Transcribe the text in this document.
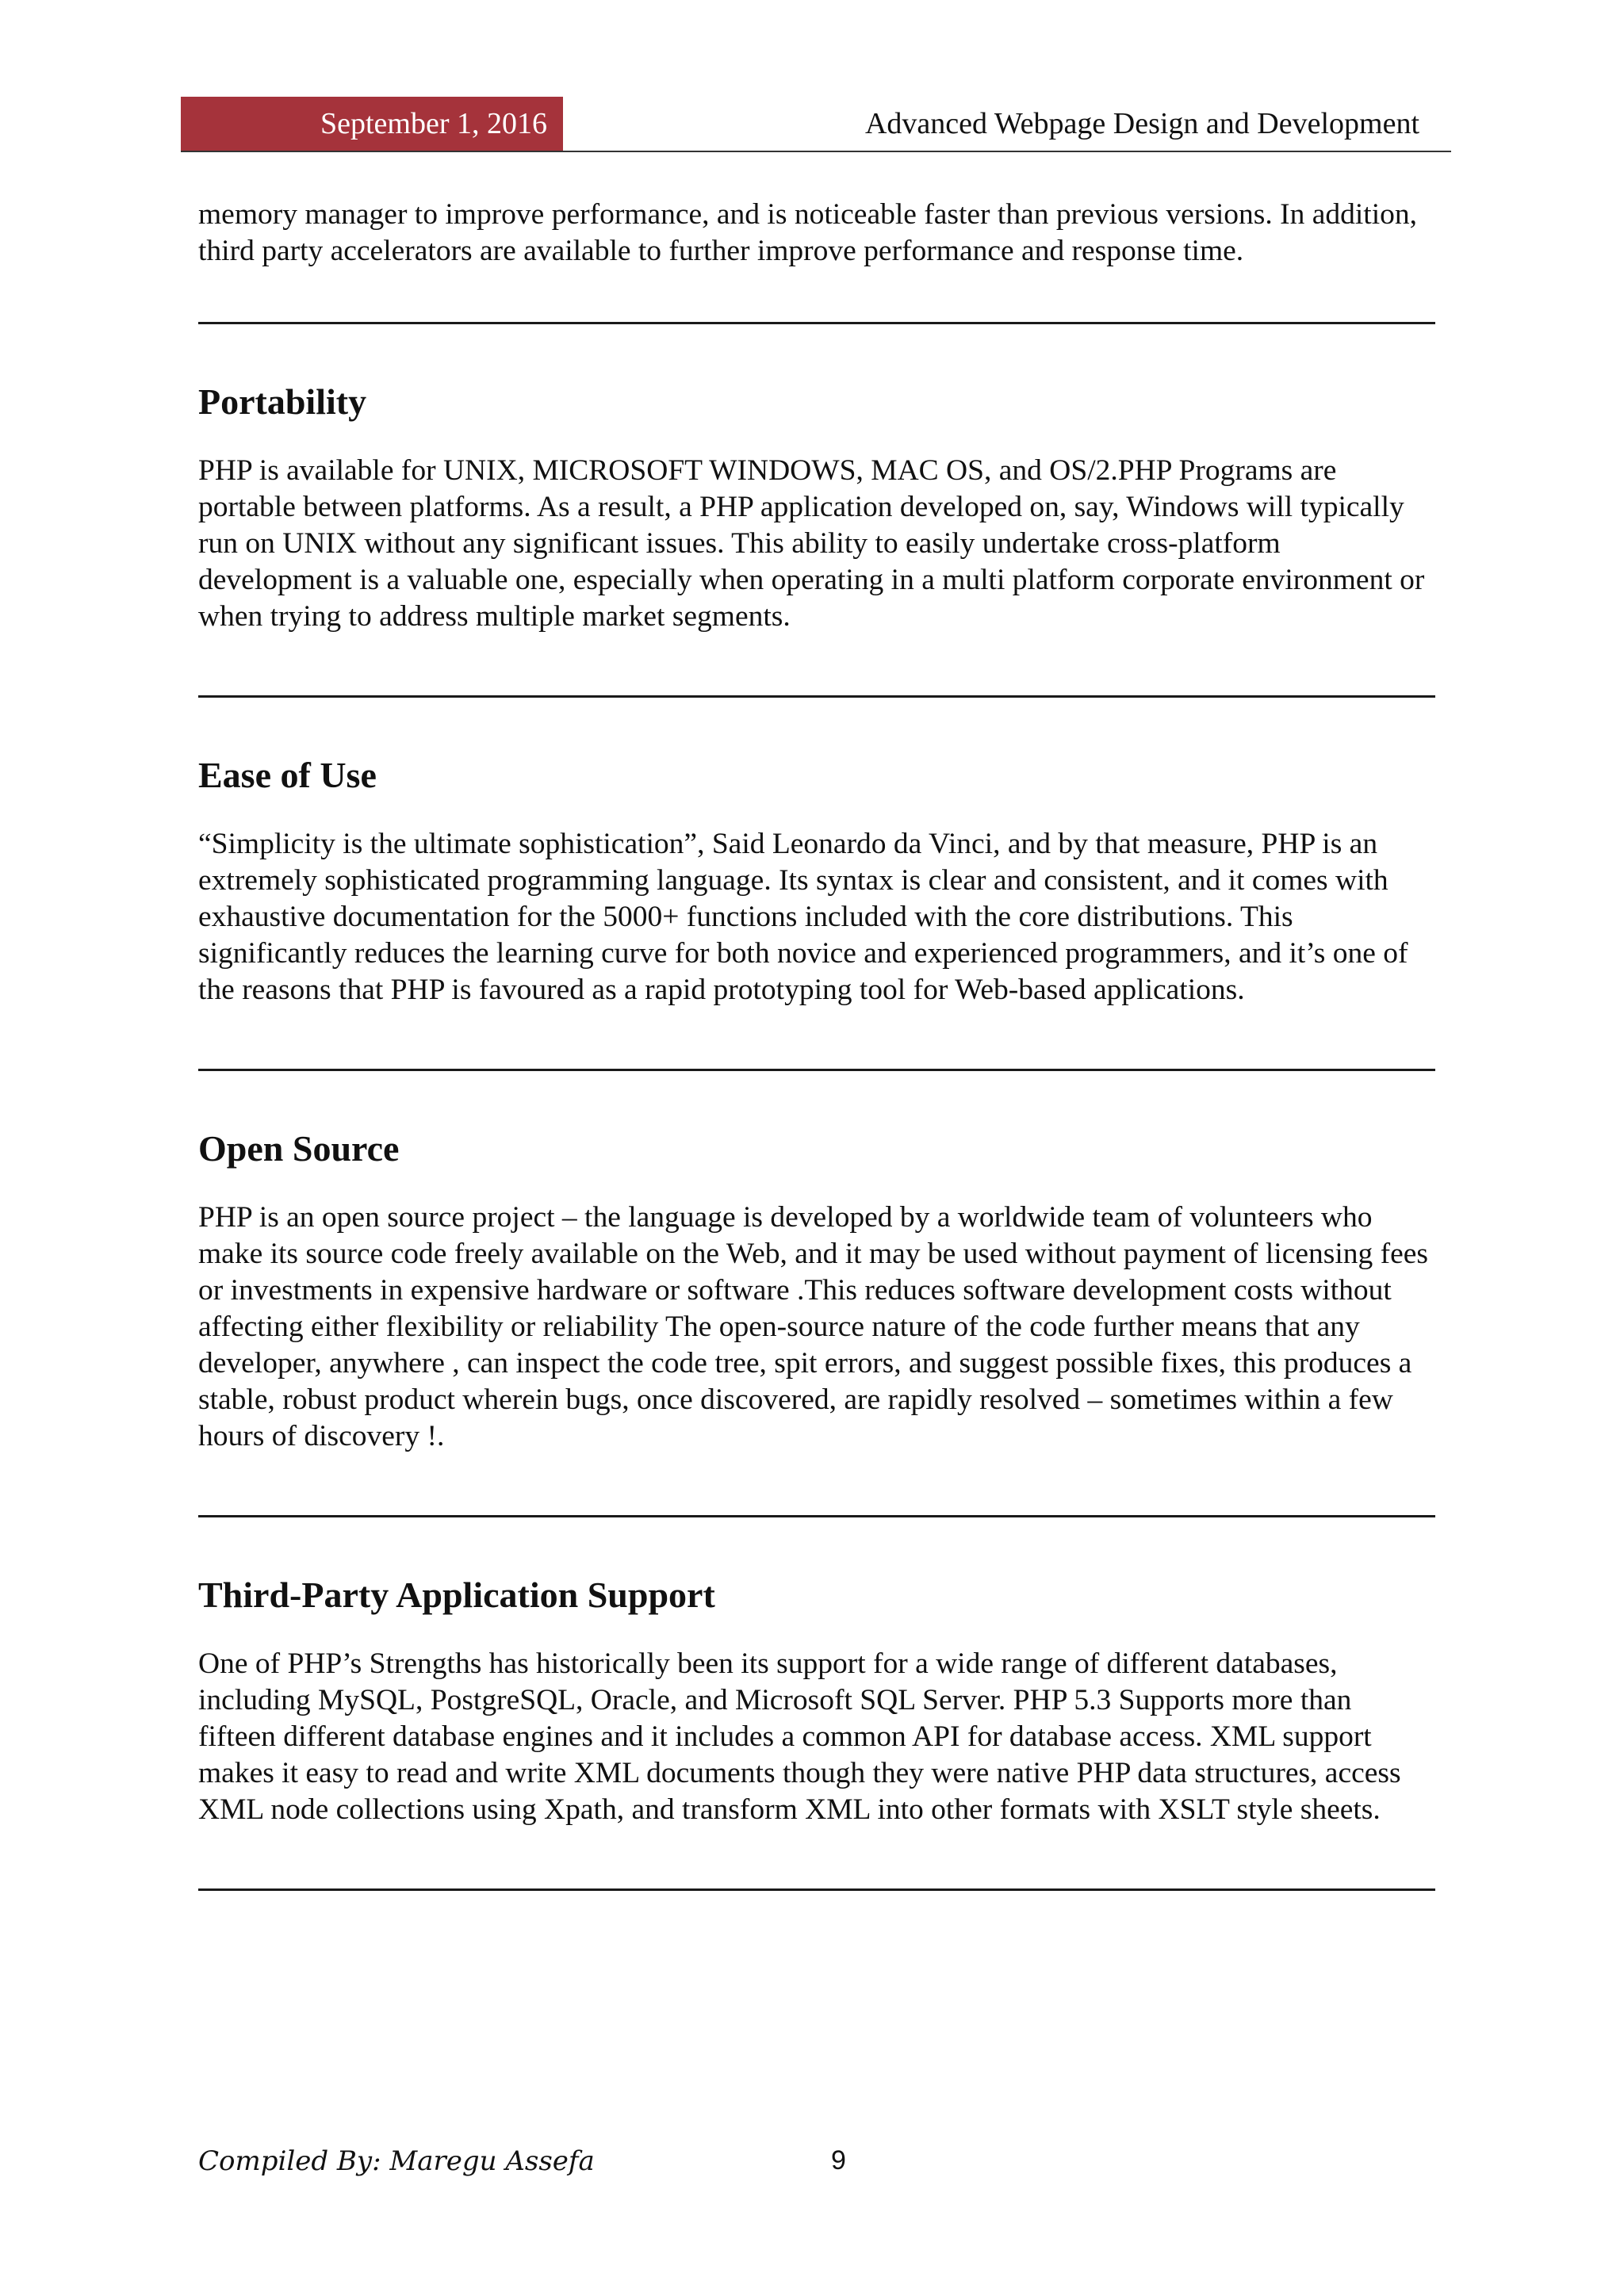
September 1, 2016	Advanced Webpage Design and Development

memory manager to improve performance, and is noticeable faster than previous versions. In addition, third party accelerators are available to further improve performance and response time.

Portability

PHP is available for UNIX, MICROSOFT WINDOWS, MAC OS, and OS/2.PHP Programs are portable between platforms. As a result, a PHP application developed on, say, Windows will typically run on UNIX without any significant issues. This ability to easily undertake cross-platform development is a valuable one, especially when operating in a multi platform corporate environment or when trying to address multiple market segments.

Ease of Use

“Simplicity is the ultimate sophistication”, Said Leonardo da Vinci, and by that measure, PHP is an extremely sophisticated programming language. Its syntax is clear and consistent, and it comes with exhaustive documentation for the 5000+ functions included with the core distributions. This significantly reduces the learning curve for both novice and experienced programmers, and it’s one of the reasons that PHP is favoured as a rapid prototyping tool for Web-based applications.

Open Source

PHP is an open source project – the language is developed by a worldwide team of volunteers who make its source code freely available on the Web, and it may be used without payment of licensing fees or investments in expensive hardware or software .This reduces software development costs without affecting either flexibility or reliability The open-source nature of the code further means that any developer, anywhere , can inspect the code tree, spit errors, and suggest possible fixes, this produces a stable, robust product wherein bugs, once discovered, are rapidly resolved – sometimes within a few hours of discovery !.

Third-Party Application Support

One of PHP’s Strengths has historically been its support for a wide range of different databases, including MySQL, PostgreSQL, Oracle, and Microsoft SQL Server. PHP 5.3 Supports more than fifteen different database engines and it includes a common API for database access. XML support makes it easy to read and write XML documents though they were native PHP data structures, access XML node collections using Xpath, and transform XML into other formats with XSLT style sheets.

Compiled By: Maregu Assefa	9
